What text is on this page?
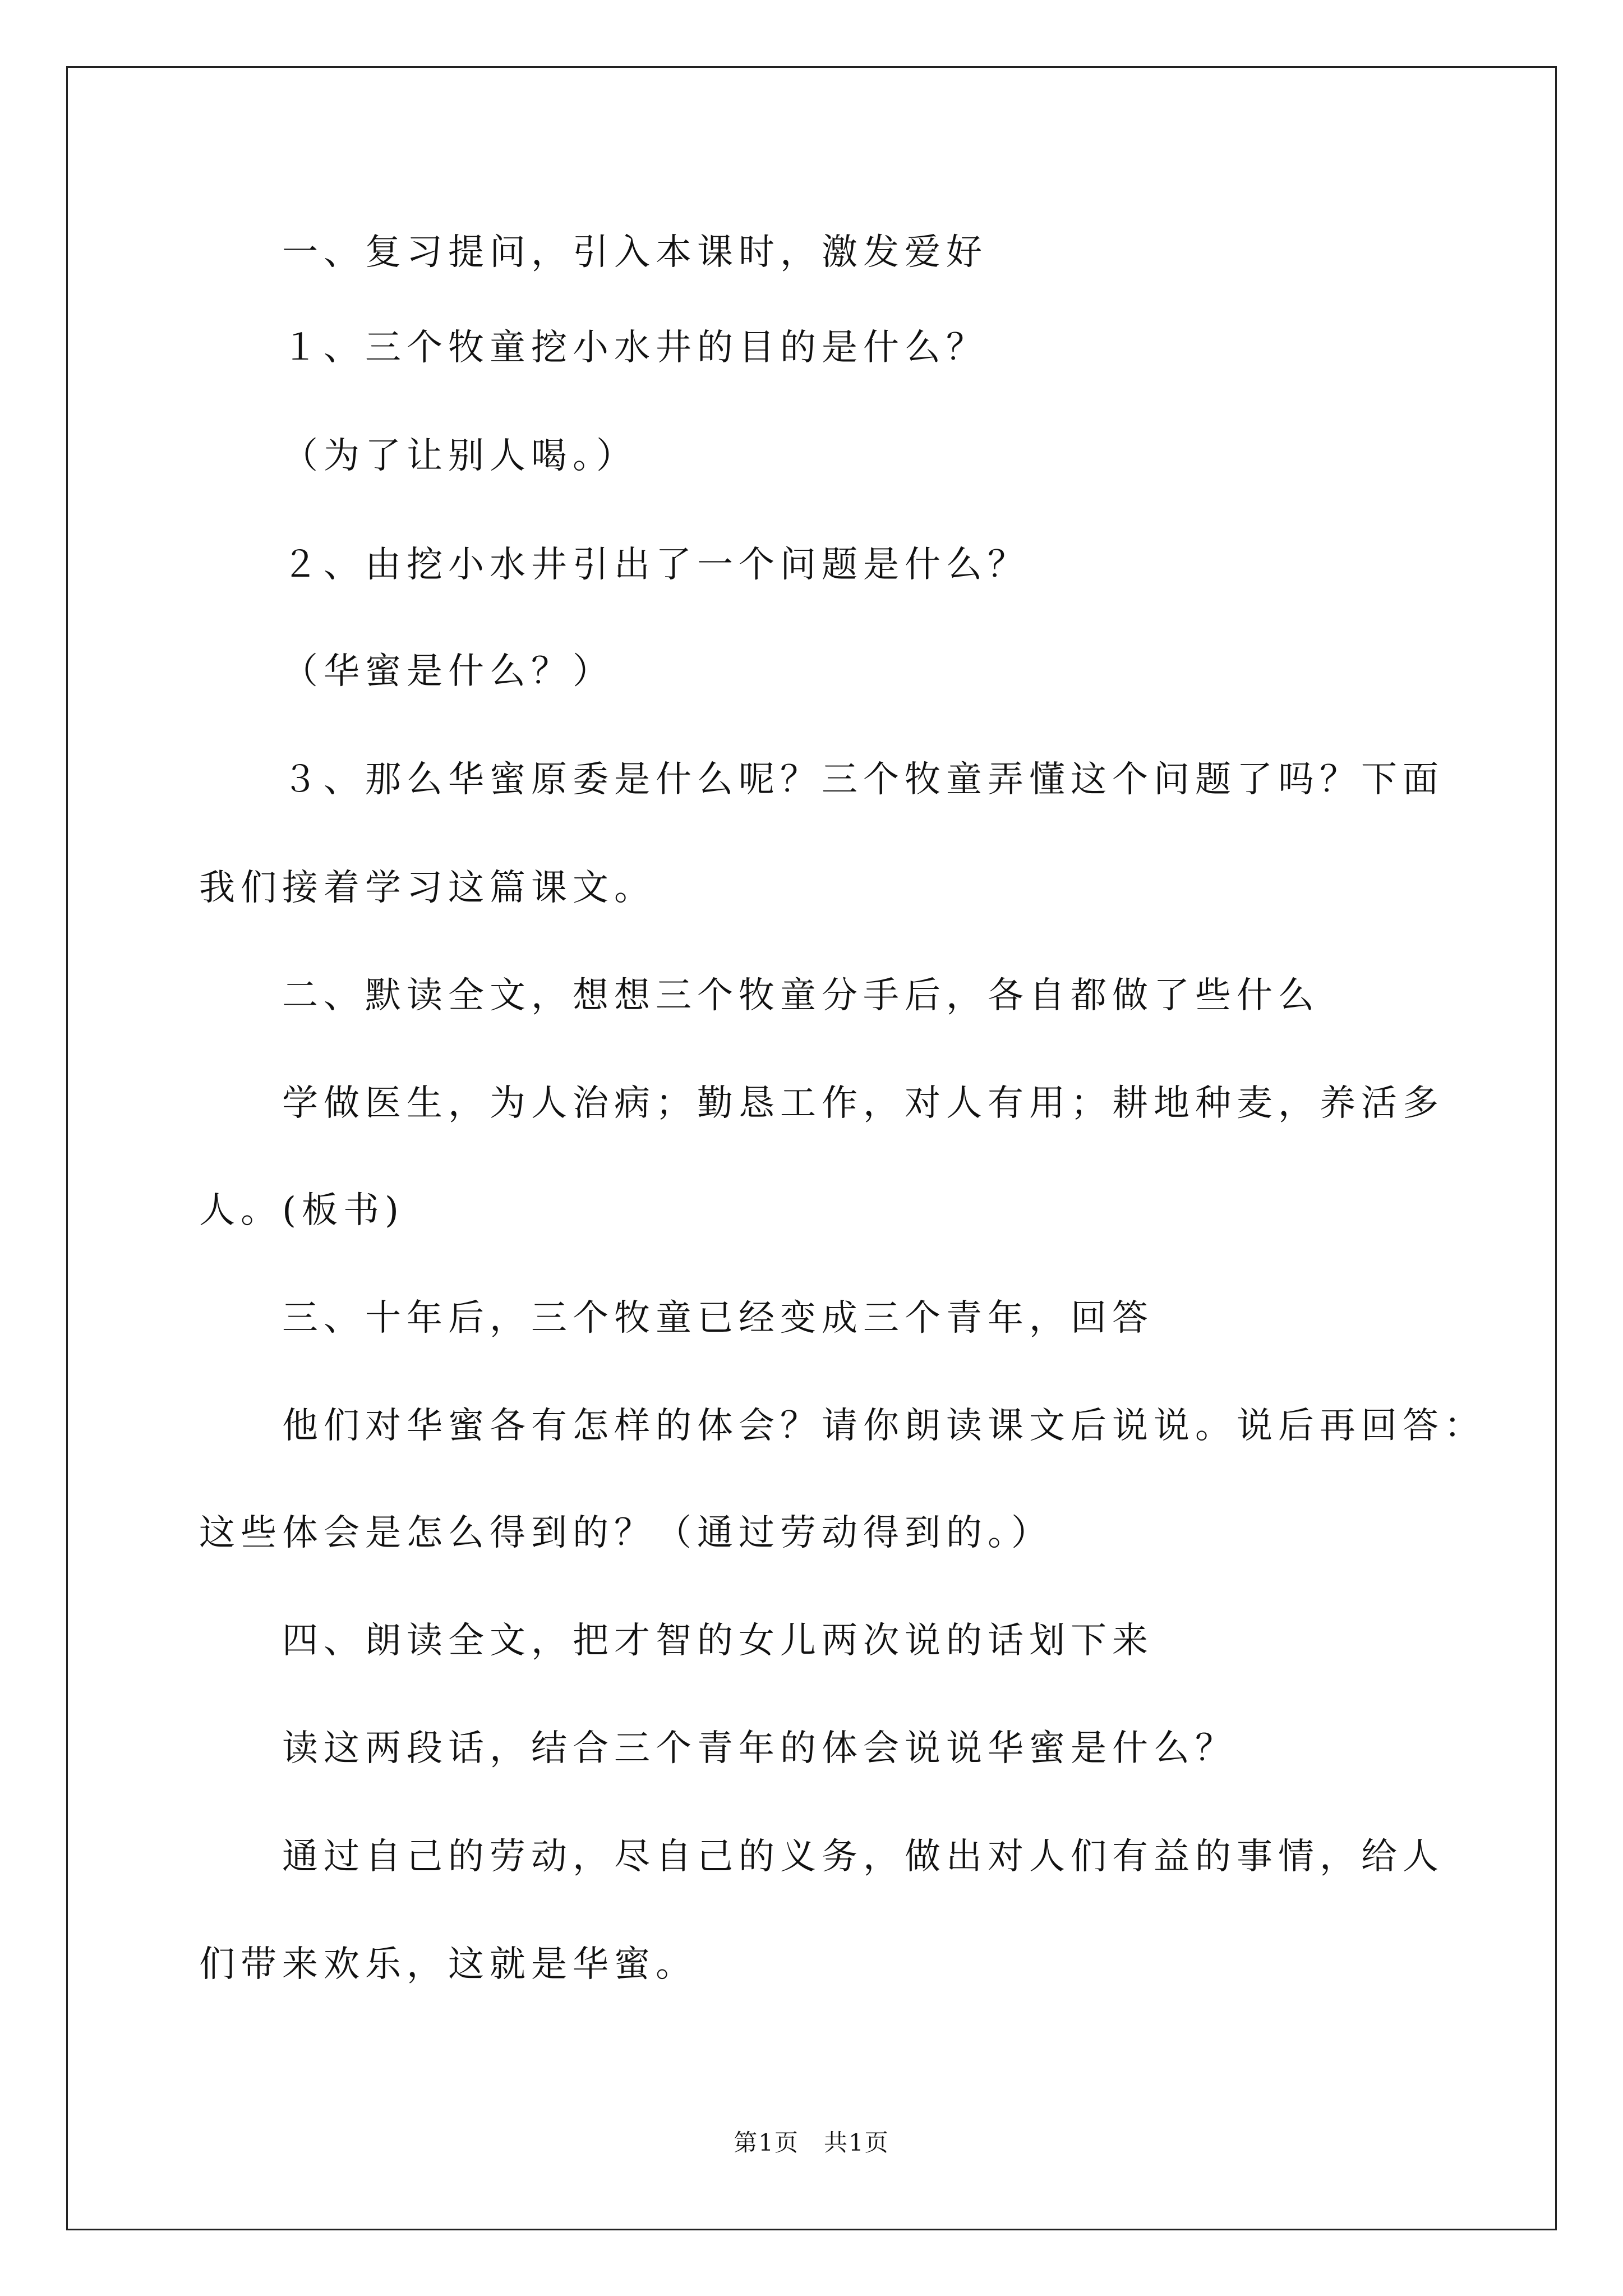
一、复习提问，引入本课时，激发爱好
１、三个牧童挖小水井的目的是什么？
（为了让别人喝。）
２、由挖小水井引出了一个问题是什么？
（华蜜是什么？）
３、那么华蜜原委是什么呢？三个牧童弄懂这个问题了吗？下面
我们接着学习这篇课文。
二、默读全文，想想三个牧童分手后，各自都做了些什么
学做医生，为人治病；勤恳工作，对人有用；耕地种麦，养活多
人。(板书)
三、十年后，三个牧童已经变成三个青年，回答
他们对华蜜各有怎样的体会？请你朗读课文后说说。说后再回答：
这些体会是怎么得到的？（通过劳动得到的。）
四、朗读全文，把才智的女儿两次说的话划下来
读这两段话，结合三个青年的体会说说华蜜是什么？
通过自己的劳动，尽自己的义务，做出对人们有益的事情，给人
们带来欢乐，这就是华蜜。
第1页　共1页
